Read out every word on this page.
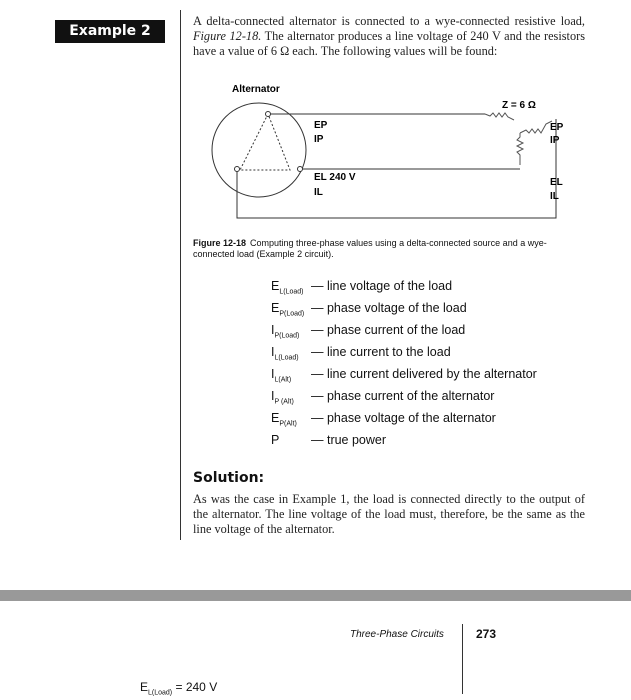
Example 2
A delta-connected alternator is connected to a wye-connected resistive load, Figure 12-18. The alternator produces a line voltage of 240 V and the resistors have a value of 6 Ω each. The following values will be found:
Alternator
Z = 6 Ω
EP
IP
EL 240 V
IL
EP
IP
EL
IL
Figure 12-18 Computing three-phase values using a delta-connected source and a wye-connected load (Example 2 circuit).
$E_{L(Load)}$ — line voltage of the load
$E_{P(Load)}$ — phase voltage of the load
$I_{P(Load)}$ — phase current of the load
$I_{L(Load)}$ — line current to the load
$I_{L(Alt)}$	— line current delivered by the alternator
$I_{P (Alt)}$	— phase current of the alternator
$E_{P(Alt)}$	— phase voltage of the alternator
P	— true power
Solution:
As was the case in Example 1, the load is connected directly to the output of the alternator. The line voltage of the load must, therefore, be the same as the line voltage of the alternator.
Three-Phase Circuits	273
$E_{L(Load)} = 240$ V
